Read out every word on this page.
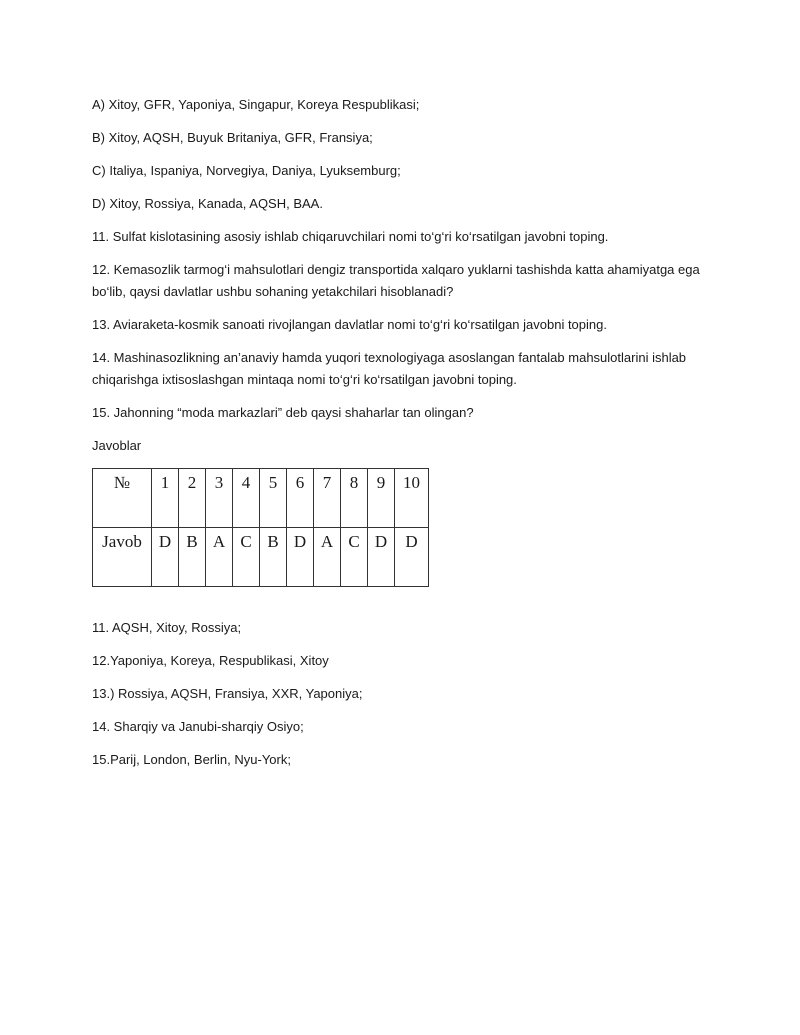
A) Xitoy, GFR, Yaponiya, Singapur, Koreya Respublikasi;

B) Xitoy, AQSH, Buyuk Britaniya, GFR, Fransiya;

C) Italiya, Ispaniya, Norvegiya, Daniya, Lyuksemburg;

D) Xitoy, Rossiya, Kanada, AQSH, BAA.

11. Sulfat kislotasining asosiy ishlab chiqaruvchilari nomi to‘g‘ri ko‘rsatilgan javobni toping.

12. Kemasozlik tarmog‘i mahsulotlari dengiz transportida xalqaro yuklarni tashishda katta ahamiyatga ega bo‘lib, qaysi davlatlar ushbu sohaning yetakchilari hisoblanadi?

13. Aviaraketa-kosmik sanoati rivojlangan davlatlar nomi to‘g‘ri ko‘rsatilgan javobni toping.

14. Mashinasozlikning an’anaviy hamda yuqori texnologiyaga asoslangan fantalab mahsulotlarini ishlab chiqarishga ixtisoslashgan mintaqa nomi to‘g‘ri ko‘rsatilgan javobni toping.

15. Jahonning “moda markazlari” deb qaysi shaharlar tan olingan?

Javoblar

№	1	2	3	4	5	6	7	8	9	10
Javob	D	B	A	C	B	D	A	C	D	D

11. AQSH, Xitoy, Rossiya;

12.Yaponiya, Koreya, Respublikasi, Xitoy

13.) Rossiya, AQSH, Fransiya, XXR, Yaponiya;

14. Sharqiy va Janubi-sharqiy Osiyo;

15.Parij, London, Berlin, Nyu-York;
